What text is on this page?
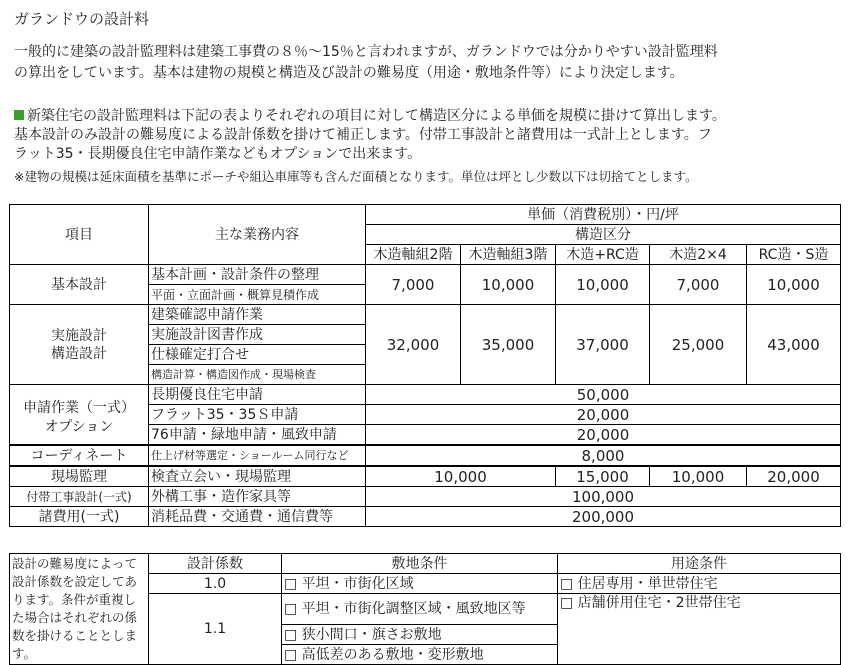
ガランドウの設計料
一般的に建築の設計監理料は建築工事費の８％～15％と言われますが、ガランドウでは分かりやすい設計監理料
の算出をしています。基本は建物の規模と構造及び設計の難易度（用途・敷地条件等）により決定します。
新築住宅の設計監理料は下記の表よりそれぞれの項目に対して構造区分による単価を規模に掛けて算出します。
基本設計のみ設計の難易度による設計係数を掛けて補正します。付帯工事設計と諸費用は一式計上とします。フ
ラット35・長期優良住宅申請作業などもオプションで出来ます。
※建物の規模は延床面積を基準にポーチや組込車庫等も含んだ面積となります。単位は坪とし少数以下は切捨てとします。
項目	主な業務内容	単価（消費税別）・円/坪				
		構造区分				
		木造軸組2階	木造軸組3階	木造+RC造	木造2×4	RC造・S造
基本設計	基本計画・設計条件の整理	7,000	10,000	10,000	7,000	10,000
	平面・立面計画・概算見積作成					

実施設計
構造設計	建築確認申請作業	32,000	35,000	37,000	25,000	43,000
	実施設計図書作成					
	仕様確定打合せ					
	構造計算・構造図作成・現場検査					

申請作業（一式）
オプション	長期優良住宅申請	50,000				
	フラット35・35Ｓ申請	20,000				
	76申請・緑地申請・風致申請	20,000				
コーディネート	仕上げ材等選定・ショールーム同行など	8,000				
現場監理	検査立会い・現場監理	10,000		15,000	10,000	20,000
付帯工事設計(一式)	外構工事・造作家具等	100,000				
諸費用(一式)	消耗品費・交通費・通信費等	200,000				
設計の難易度によって設計係数を設定してあります。条件が重複した場合はそれぞれの係数を掛けることとします。	設計係数	敷地条件	用途条件
	1.0	□ 平坦・市街化区域	□ 住居専用・単世帯住宅
	1.1	□ 平坦・市街化調整区域・風致地区等	□ 店舗併用住宅・2世帯住宅
		□ 狭小間口・旗さお敷地	
		□ 高低差のある敷地・変形敷地	
